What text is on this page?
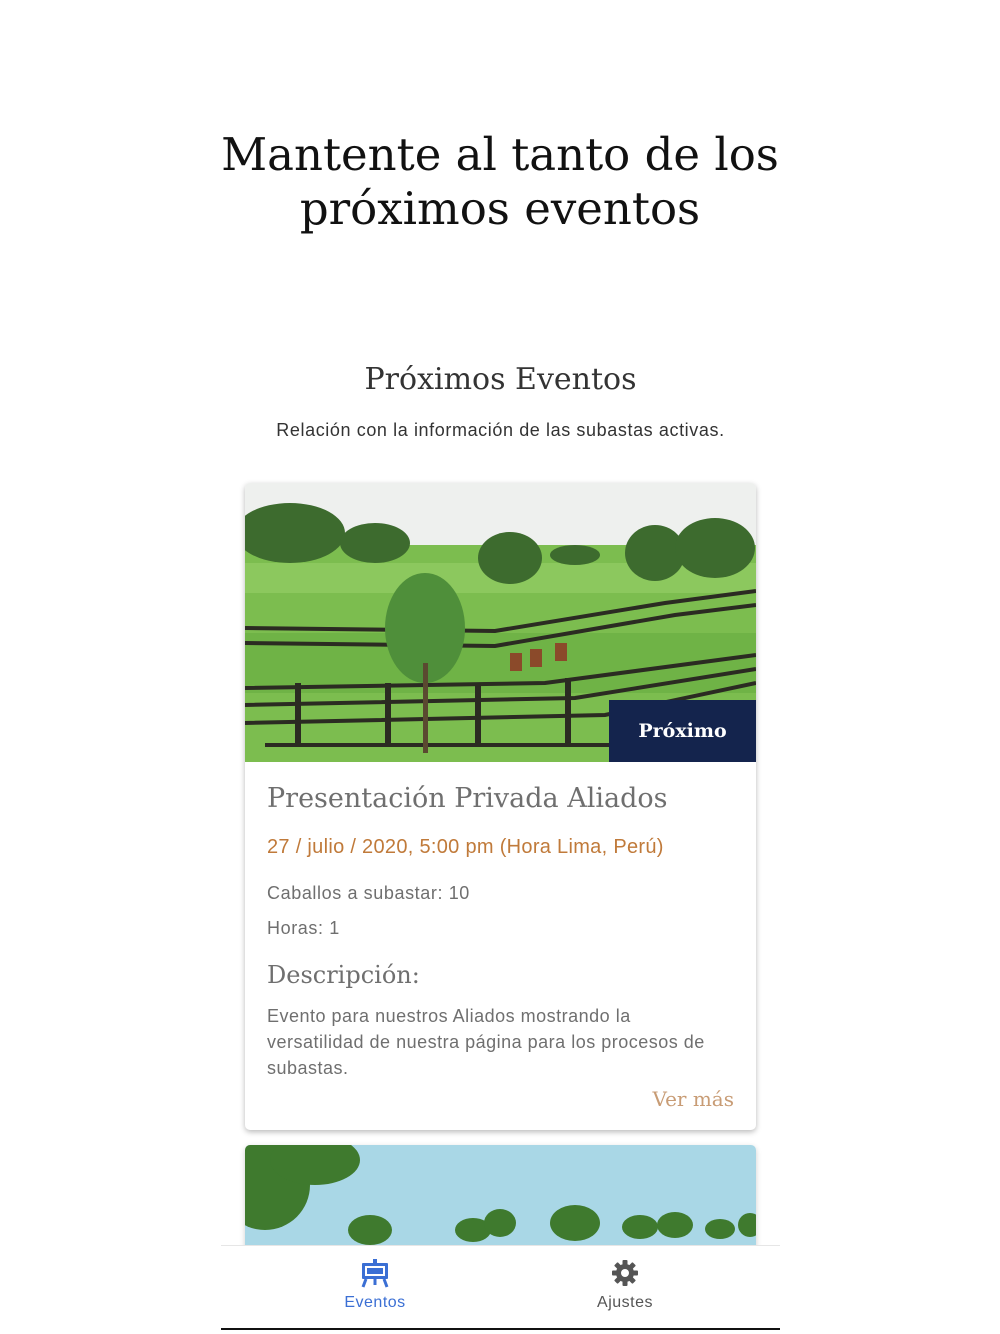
Mantente al tanto de los
próximos eventos
Próximos Eventos
Relación con la información de las subastas activas.
Próximo
Presentación Privada Aliados
27 / julio / 2020, 5:00 pm (Hora Lima, Perú)
Caballos a subastar: 10
Horas: 1
Descripción:
Evento para nuestros Aliados mostrando la versatilidad de nuestra página para los procesos de subastas.
Ver más
Eventos	Ajustes
